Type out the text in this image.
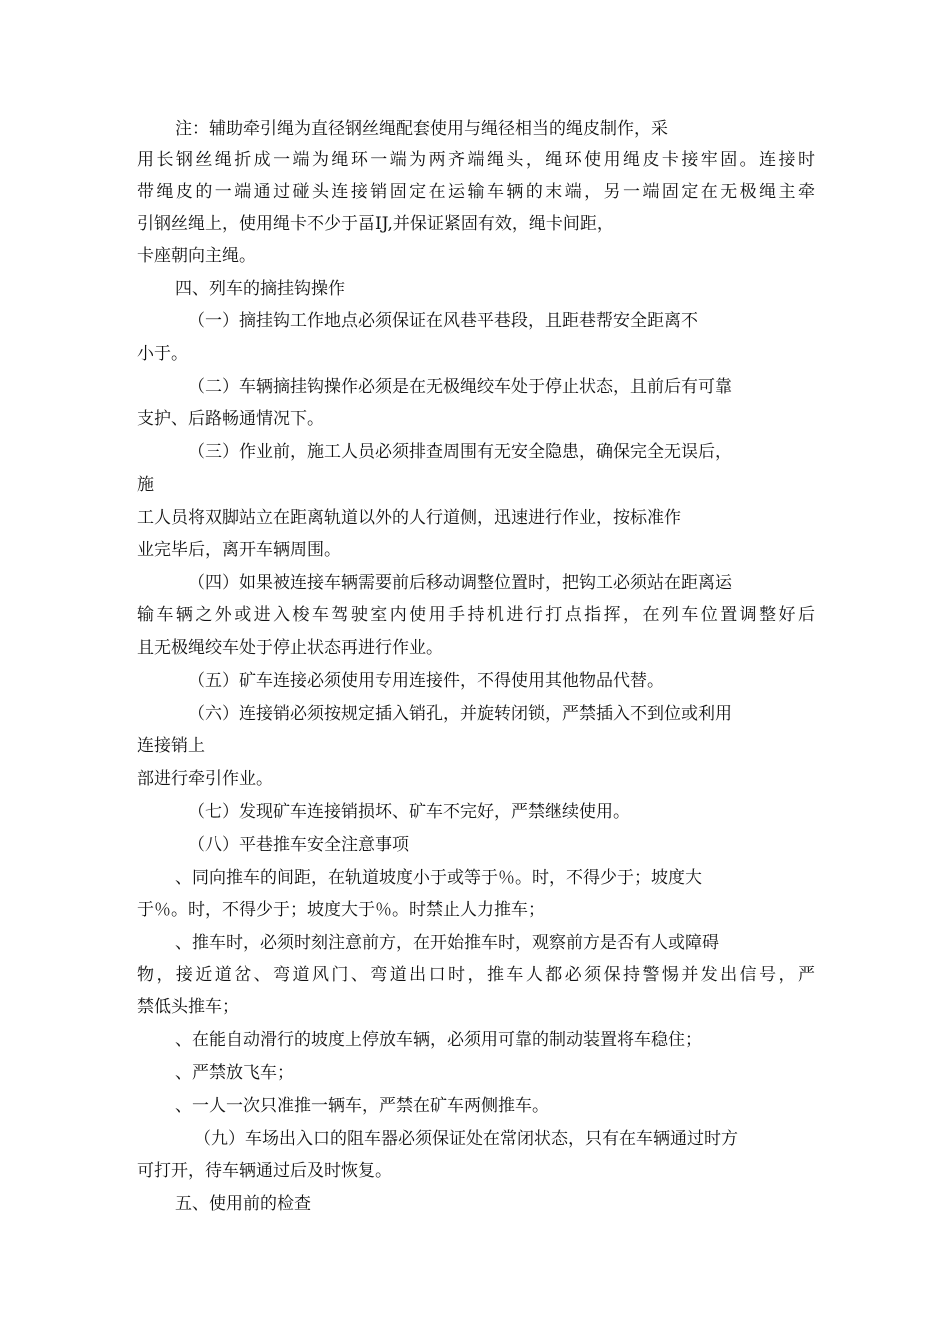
注：辅助牵引绳为直径钢丝绳配套使用与绳径相当的绳皮制作，采
用长钢丝绳折成一端为绳环一端为两齐端绳头，绳环使用绳皮卡接牢固。连接时
带绳皮的一端通过碰头连接销固定在运输车辆的末端，另一端固定在无极绳主牵
引钢丝绳上，使用绳卡不少于畐IJ,并保证紧固有效，绳卡间距，
卡座朝向主绳。
四、列车的摘挂钩操作
（一）摘挂钩工作地点必须保证在风巷平巷段，且距巷帮安全距离不
小于。
（二）车辆摘挂钩操作必须是在无极绳绞车处于停止状态，且前后有可靠
支护、后路畅通情况下。
（三）作业前，施工人员必须排查周围有无安全隐患，确保完全无误后，
施
工人员将双脚站立在距离轨道以外的人行道侧，迅速进行作业，按标准作
业完毕后，离开车辆周围。
（四）如果被连接车辆需要前后移动调整位置时，把钩工必须站在距离运
输车辆之外或进入梭车驾驶室内使用手持机进行打点指挥，在列车位置调整好后
且无极绳绞车处于停止状态再进行作业。
（五）矿车连接必须使用专用连接件，不得使用其他物品代替。
（六）连接销必须按规定插入销孔，并旋转闭锁，严禁插入不到位或利用
连接销上
部进行牵引作业。
（七）发现矿车连接销损坏、矿车不完好，严禁继续使用。
（八）平巷推车安全注意事项
、同向推车的间距，在轨道坡度小于或等于％。时，不得少于；坡度大
于％。时，不得少于；坡度大于％。时禁止人力推车；
、推车时，必须时刻注意前方，在开始推车时，观察前方是否有人或障碍
物，接近道岔、弯道风门、弯道出口时，推车人都必须保持警惕并发出信号，严
禁低头推车；
、在能自动滑行的坡度上停放车辆，必须用可靠的制动装置将车稳住；
、严禁放飞车；
、一人一次只准推一辆车，严禁在矿车两侧推车。
（九）车场出入口的阻车器必须保证处在常闭状态，只有在车辆通过时方
可打开，待车辆通过后及时恢复。
五、使用前的检查
